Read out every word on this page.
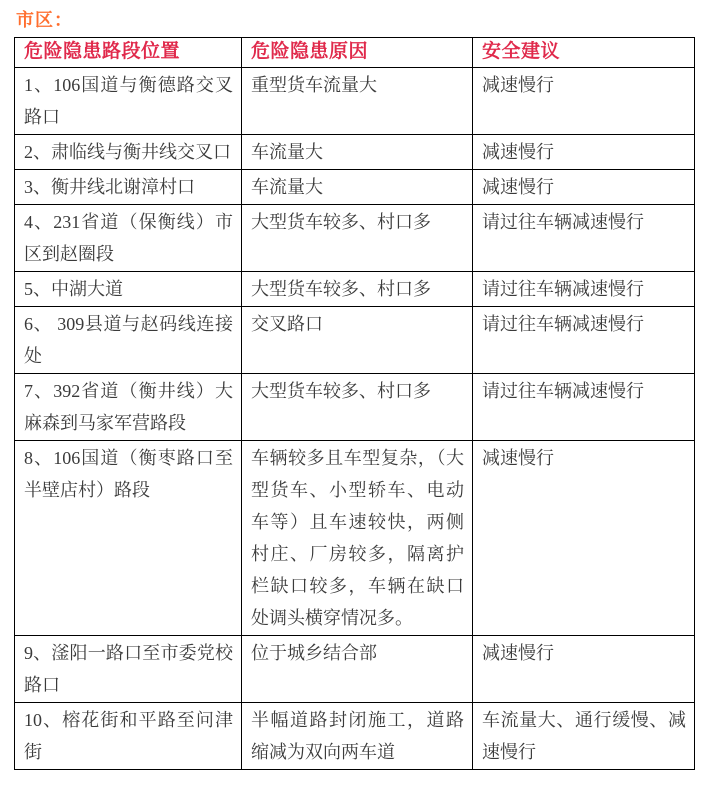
市区：
危险隐患路段位置	危险隐患原因	安全建议
1、106国道与衡德路交叉路口	重型货车流量大	减速慢行
2、肃临线与衡井线交叉口	车流量大	减速慢行
3、衡井线北谢漳村口	车流量大	减速慢行
4、231省道（保衡线）市区到赵圈段	大型货车较多、村口多	请过往车辆减速慢行
5、中湖大道	大型货车较多、村口多	请过往车辆减速慢行
6、 309县道与赵码线连接处	交叉路口	请过往车辆减速慢行
7、392省道（衡井线）大麻森到马家军营路段	大型货车较多、村口多	请过往车辆减速慢行
8、106国道（衡枣路口至半壁店村）路段	车辆较多且车型复杂，（大型货车、小型轿车、电动车等）且车速较快，两侧村庄、厂房较多，隔离护栏缺口较多，车辆在缺口处调头横穿情况多。	减速慢行
9、滏阳一路口至市委党校路口	位于城乡结合部	减速慢行
10、榕花街和平路至问津街	半幅道路封闭施工，道路缩减为双向两车道	车流量大、通行缓慢、减速慢行
